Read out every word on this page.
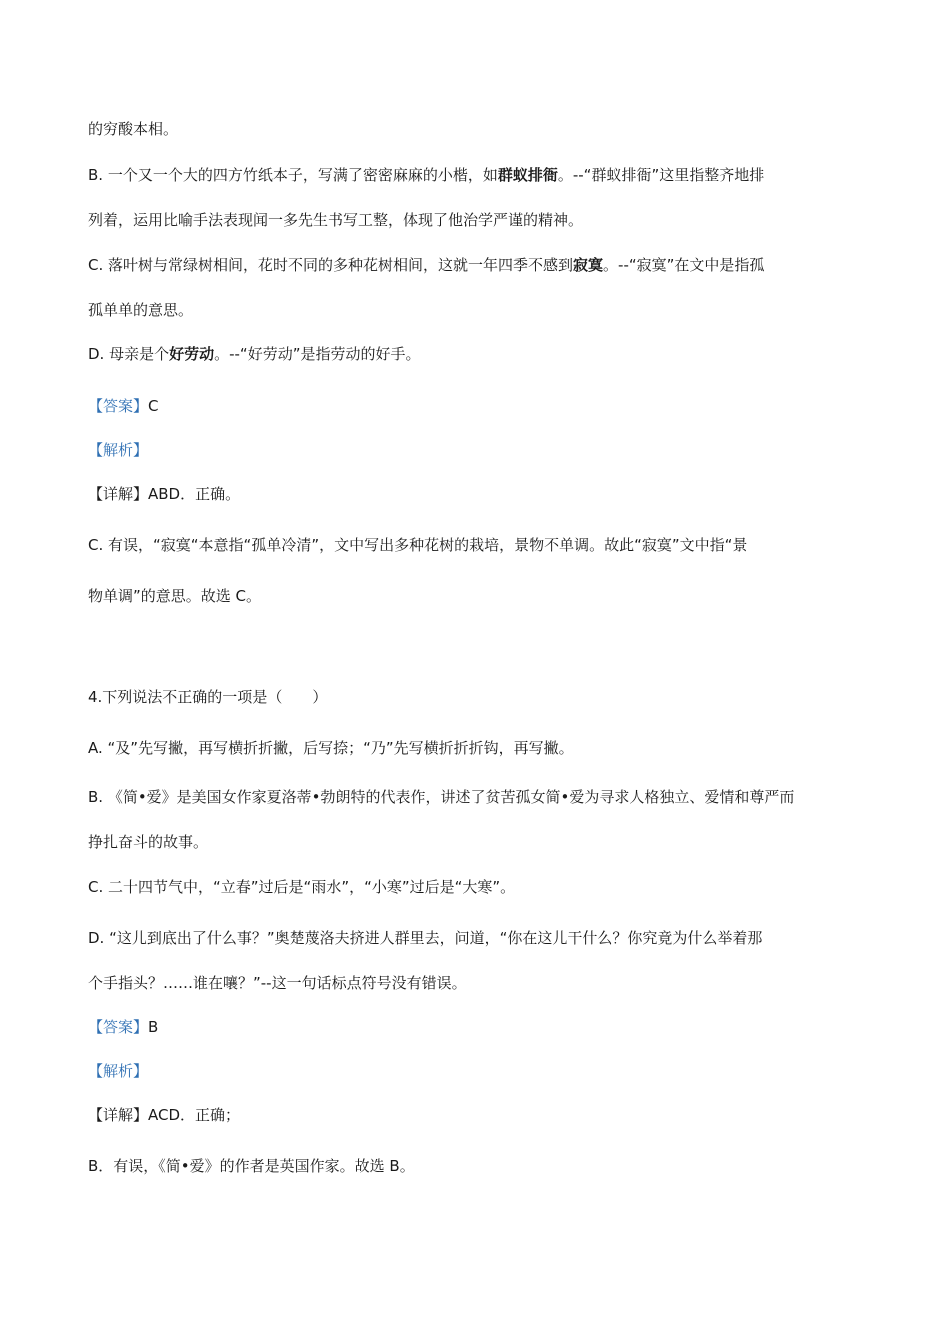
的穷酸本相。
B. 一个又一个大的四方竹纸本子，写满了密密麻麻的小楷，如群蚁排衙。--“群蚁排衙”这里指整齐地排
列着，运用比喻手法表现闻一多先生书写工整，体现了他治学严谨的精神。
C. 落叶树与常绿树相间，花时不同的多种花树相间，这就一年四季不感到寂寞。--“寂寞”在文中是指孤
孤单单的意思。
D. 母亲是个好劳动。--“好劳动”是指劳动的好手。
【答案】C
【解析】
【详解】ABD．正确。
C. 有误，“寂寞“本意指“孤单冷清”，文中写出多种花树的栽培，景物不单调。故此“寂寞”文中指“景
物单调”的意思。故选 C。
4.下列说法不正确的一项是（　　）
A. “及”先写撇，再写横折折撇，后写捺；“乃”先写横折折折钩，再写撇。
B. 《简•爱》是美国女作家夏洛蒂•勃朗特的代表作，讲述了贫苦孤女简•爱为寻求人格独立、爱情和尊严而
挣扎奋斗的故事。
C. 二十四节气中，“立春”过后是“雨水”，“小寒”过后是“大寒”。
D. “这儿到底出了什么事？”奥楚蔑洛夫挤进人群里去，问道，“你在这儿干什么？你究竟为什么举着那
个手指头？……谁在嚷？”--这一句话标点符号没有错误。
【答案】B
【解析】
【详解】ACD．正确；
B．有误，《简•爱》的作者是英国作家。故选 B。
